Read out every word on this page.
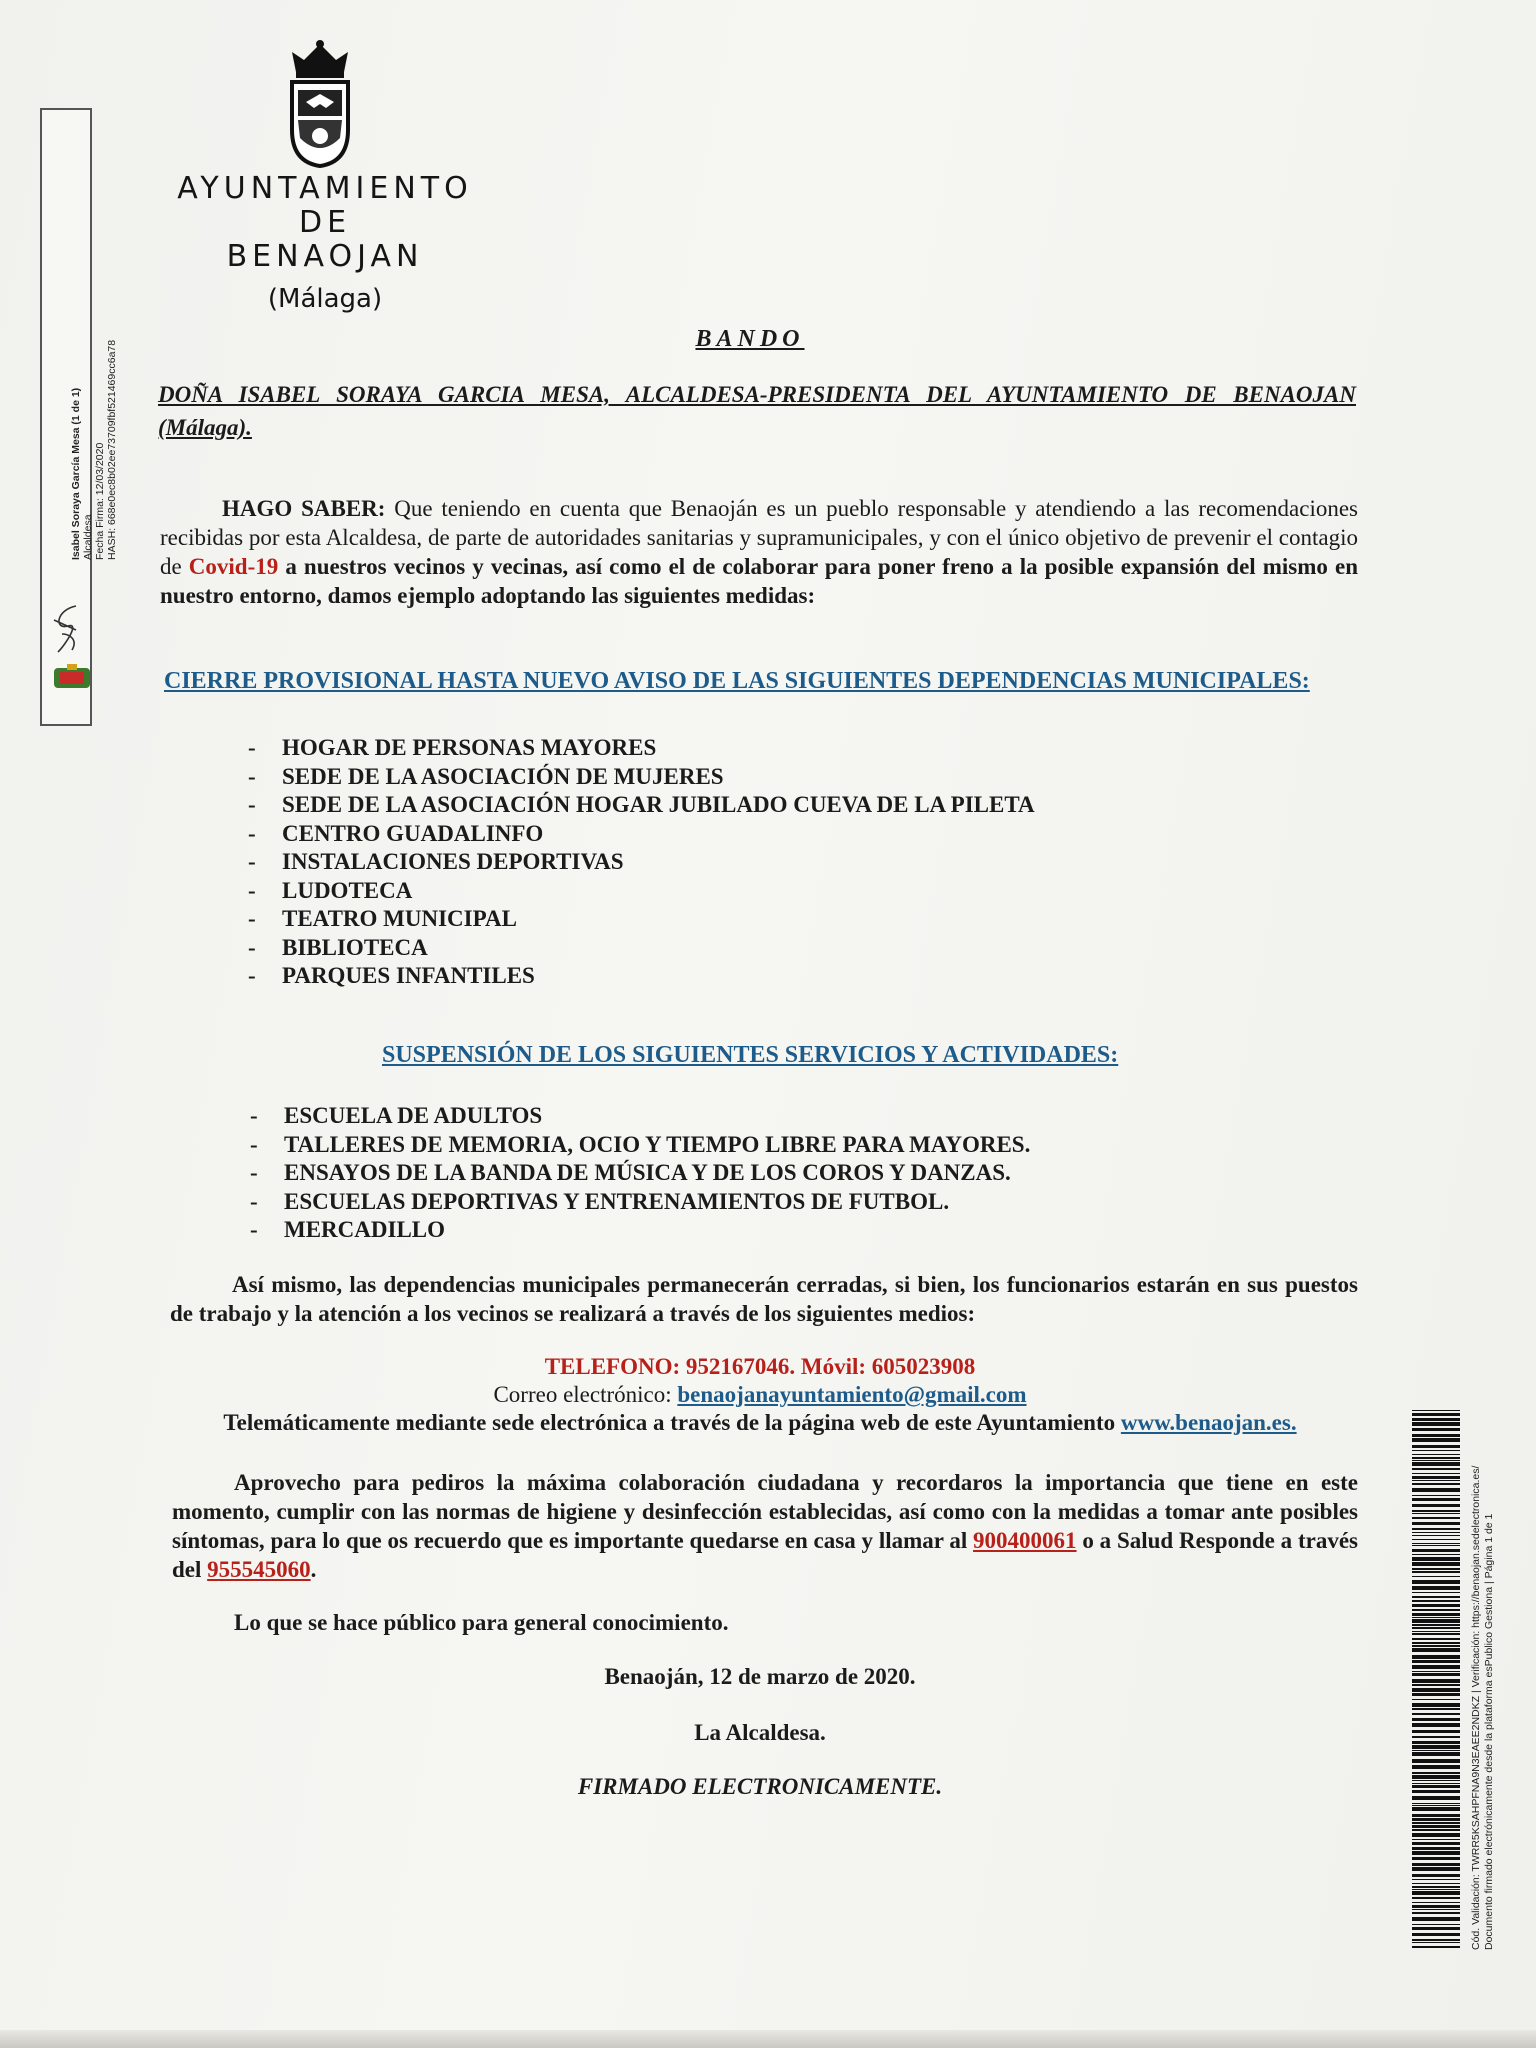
AYUNTAMIENTO
DE
BENAOJAN
(Málaga)
Isabel Soraya García Mesa (1 de 1) Alcaldesa Fecha Firma: 12/03/2020 HASH: 668e0ec8b02ee73709fbf521469cc6a78
BANDO
DOÑA ISABEL SORAYA GARCIA MESA, ALCALDESA-PRESIDENTA DEL AYUNTAMIENTO DE BENAOJAN (Málaga).
HAGO SABER: Que teniendo en cuenta que Benaoján es un pueblo responsable y atendiendo a las recomendaciones recibidas por esta Alcaldesa, de parte de autoridades sanitarias y supramunicipales, y con el único objetivo de prevenir el contagio de Covid-19 a nuestros vecinos y vecinas, así como el de colaborar para poner freno a la posible expansión del mismo en nuestro entorno, damos ejemplo adoptando las siguientes medidas:
CIERRE PROVISIONAL HASTA NUEVO AVISO DE LAS SIGUIENTES DEPENDENCIAS MUNICIPALES:
- HOGAR DE PERSONAS MAYORES
- SEDE DE LA ASOCIACIÓN DE MUJERES
- SEDE DE LA ASOCIACIÓN HOGAR JUBILADO CUEVA DE LA PILETA
- CENTRO GUADALINFO
- INSTALACIONES DEPORTIVAS
- LUDOTECA
- TEATRO MUNICIPAL
- BIBLIOTECA
- PARQUES INFANTILES
SUSPENSIÓN DE LOS SIGUIENTES SERVICIOS Y ACTIVIDADES:
- ESCUELA DE ADULTOS
- TALLERES DE MEMORIA, OCIO Y TIEMPO LIBRE PARA MAYORES.
- ENSAYOS DE LA BANDA DE MÚSICA Y DE LOS COROS Y DANZAS.
- ESCUELAS DEPORTIVAS Y ENTRENAMIENTOS DE FUTBOL.
- MERCADILLO
Así mismo, las dependencias municipales permanecerán cerradas, si bien, los funcionarios estarán en sus puestos de trabajo y la atención a los vecinos se realizará a través de los siguientes medios:
TELEFONO: 952167046. Móvil: 605023908
Correo electrónico: benaojanayuntamiento@gmail.com
Telemáticamente mediante sede electrónica a través de la página web de este Ayuntamiento www.benaojan.es.
Aprovecho para pediros la máxima colaboración ciudadana y recordaros la importancia que tiene en este momento, cumplir con las normas de higiene y desinfección establecidas, así como con la medidas a tomar ante posibles síntomas, para lo que os recuerdo que es importante quedarse en casa y llamar al 900400061 o a Salud Responde a través del 955545060.
Lo que se hace público para general conocimiento.
Benaoján, 12 de marzo de 2020.
La Alcaldesa.
FIRMADO ELECTRONICAMENTE.	Cód. Validación: TWRR5KSAHPFNA9N3EAEE2NDKZ | Verificación: https://benaojan.sedelectronica.es/ Documento firmado electrónicamente desde la plataforma esPublico Gestiona | Página 1 de 1
